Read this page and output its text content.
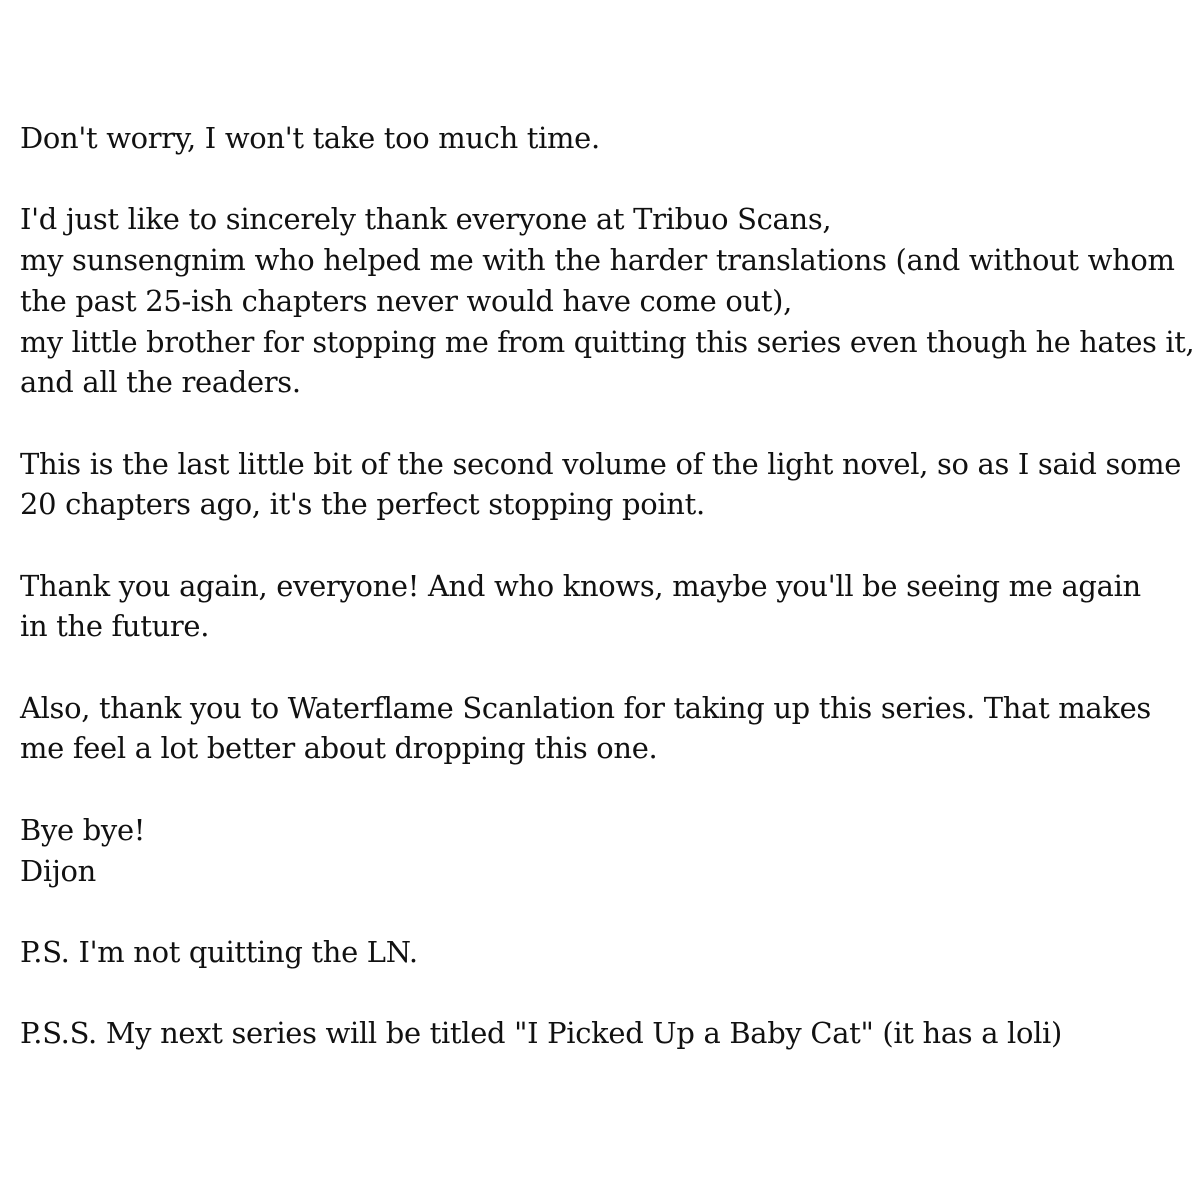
Don't worry, I won't take too much time.

I'd just like to sincerely thank everyone at Tribuo Scans,
my sunsengnim who helped me with the harder translations (and without whom
the past 25-ish chapters never would have come out),
my little brother for stopping me from quitting this series even though he hates it,
and all the readers.

This is the last little bit of the second volume of the light novel, so as I said some
20 chapters ago, it's the perfect stopping point.

Thank you again, everyone! And who knows, maybe you'll be seeing me again
in the future.

Also, thank you to Waterflame Scanlation for taking up this series. That makes
me feel a lot better about dropping this one.

Bye bye!
Dijon

P.S. I'm not quitting the LN.

P.S.S. My next series will be titled "I Picked Up a Baby Cat" (it has a loli)
